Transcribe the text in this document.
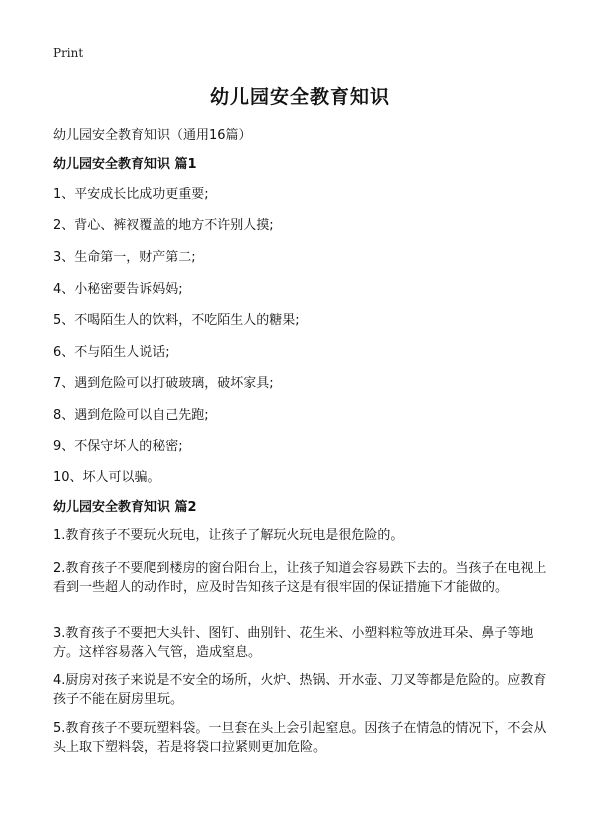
Print
幼儿园安全教育知识
幼儿园安全教育知识（通用16篇）
幼儿园安全教育知识 篇1
1、平安成长比成功更重要;
2、背心、裤衩覆盖的地方不许别人摸;
3、生命第一，财产第二;
4、小秘密要告诉妈妈;
5、不喝陌生人的饮料，不吃陌生人的糖果;
6、不与陌生人说话;
7、遇到危险可以打破玻璃，破坏家具;
8、遇到危险可以自己先跑;
9、不保守坏人的秘密;
10、坏人可以骗。
幼儿园安全教育知识 篇2
1.教育孩子不要玩火玩电，让孩子了解玩火玩电是很危险的。
2.教育孩子不要爬到楼房的窗台阳台上，让孩子知道会容易跌下去的。当孩子在电视上看到一些超人的动作时，应及时告知孩子这是有很牢固的保证措施下才能做的。
3.教育孩子不要把大头针、图钉、曲别针、花生米、小塑料粒等放进耳朵、鼻子等地方。这样容易落入气管，造成窒息。
4.厨房对孩子来说是不安全的场所，火炉、热锅、开水壶、刀叉等都是危险的。应教育孩子不能在厨房里玩。
5.教育孩子不要玩塑料袋。一旦套在头上会引起窒息。因孩子在情急的情况下，不会从头上取下塑料袋，若是将袋口拉紧则更加危险。
